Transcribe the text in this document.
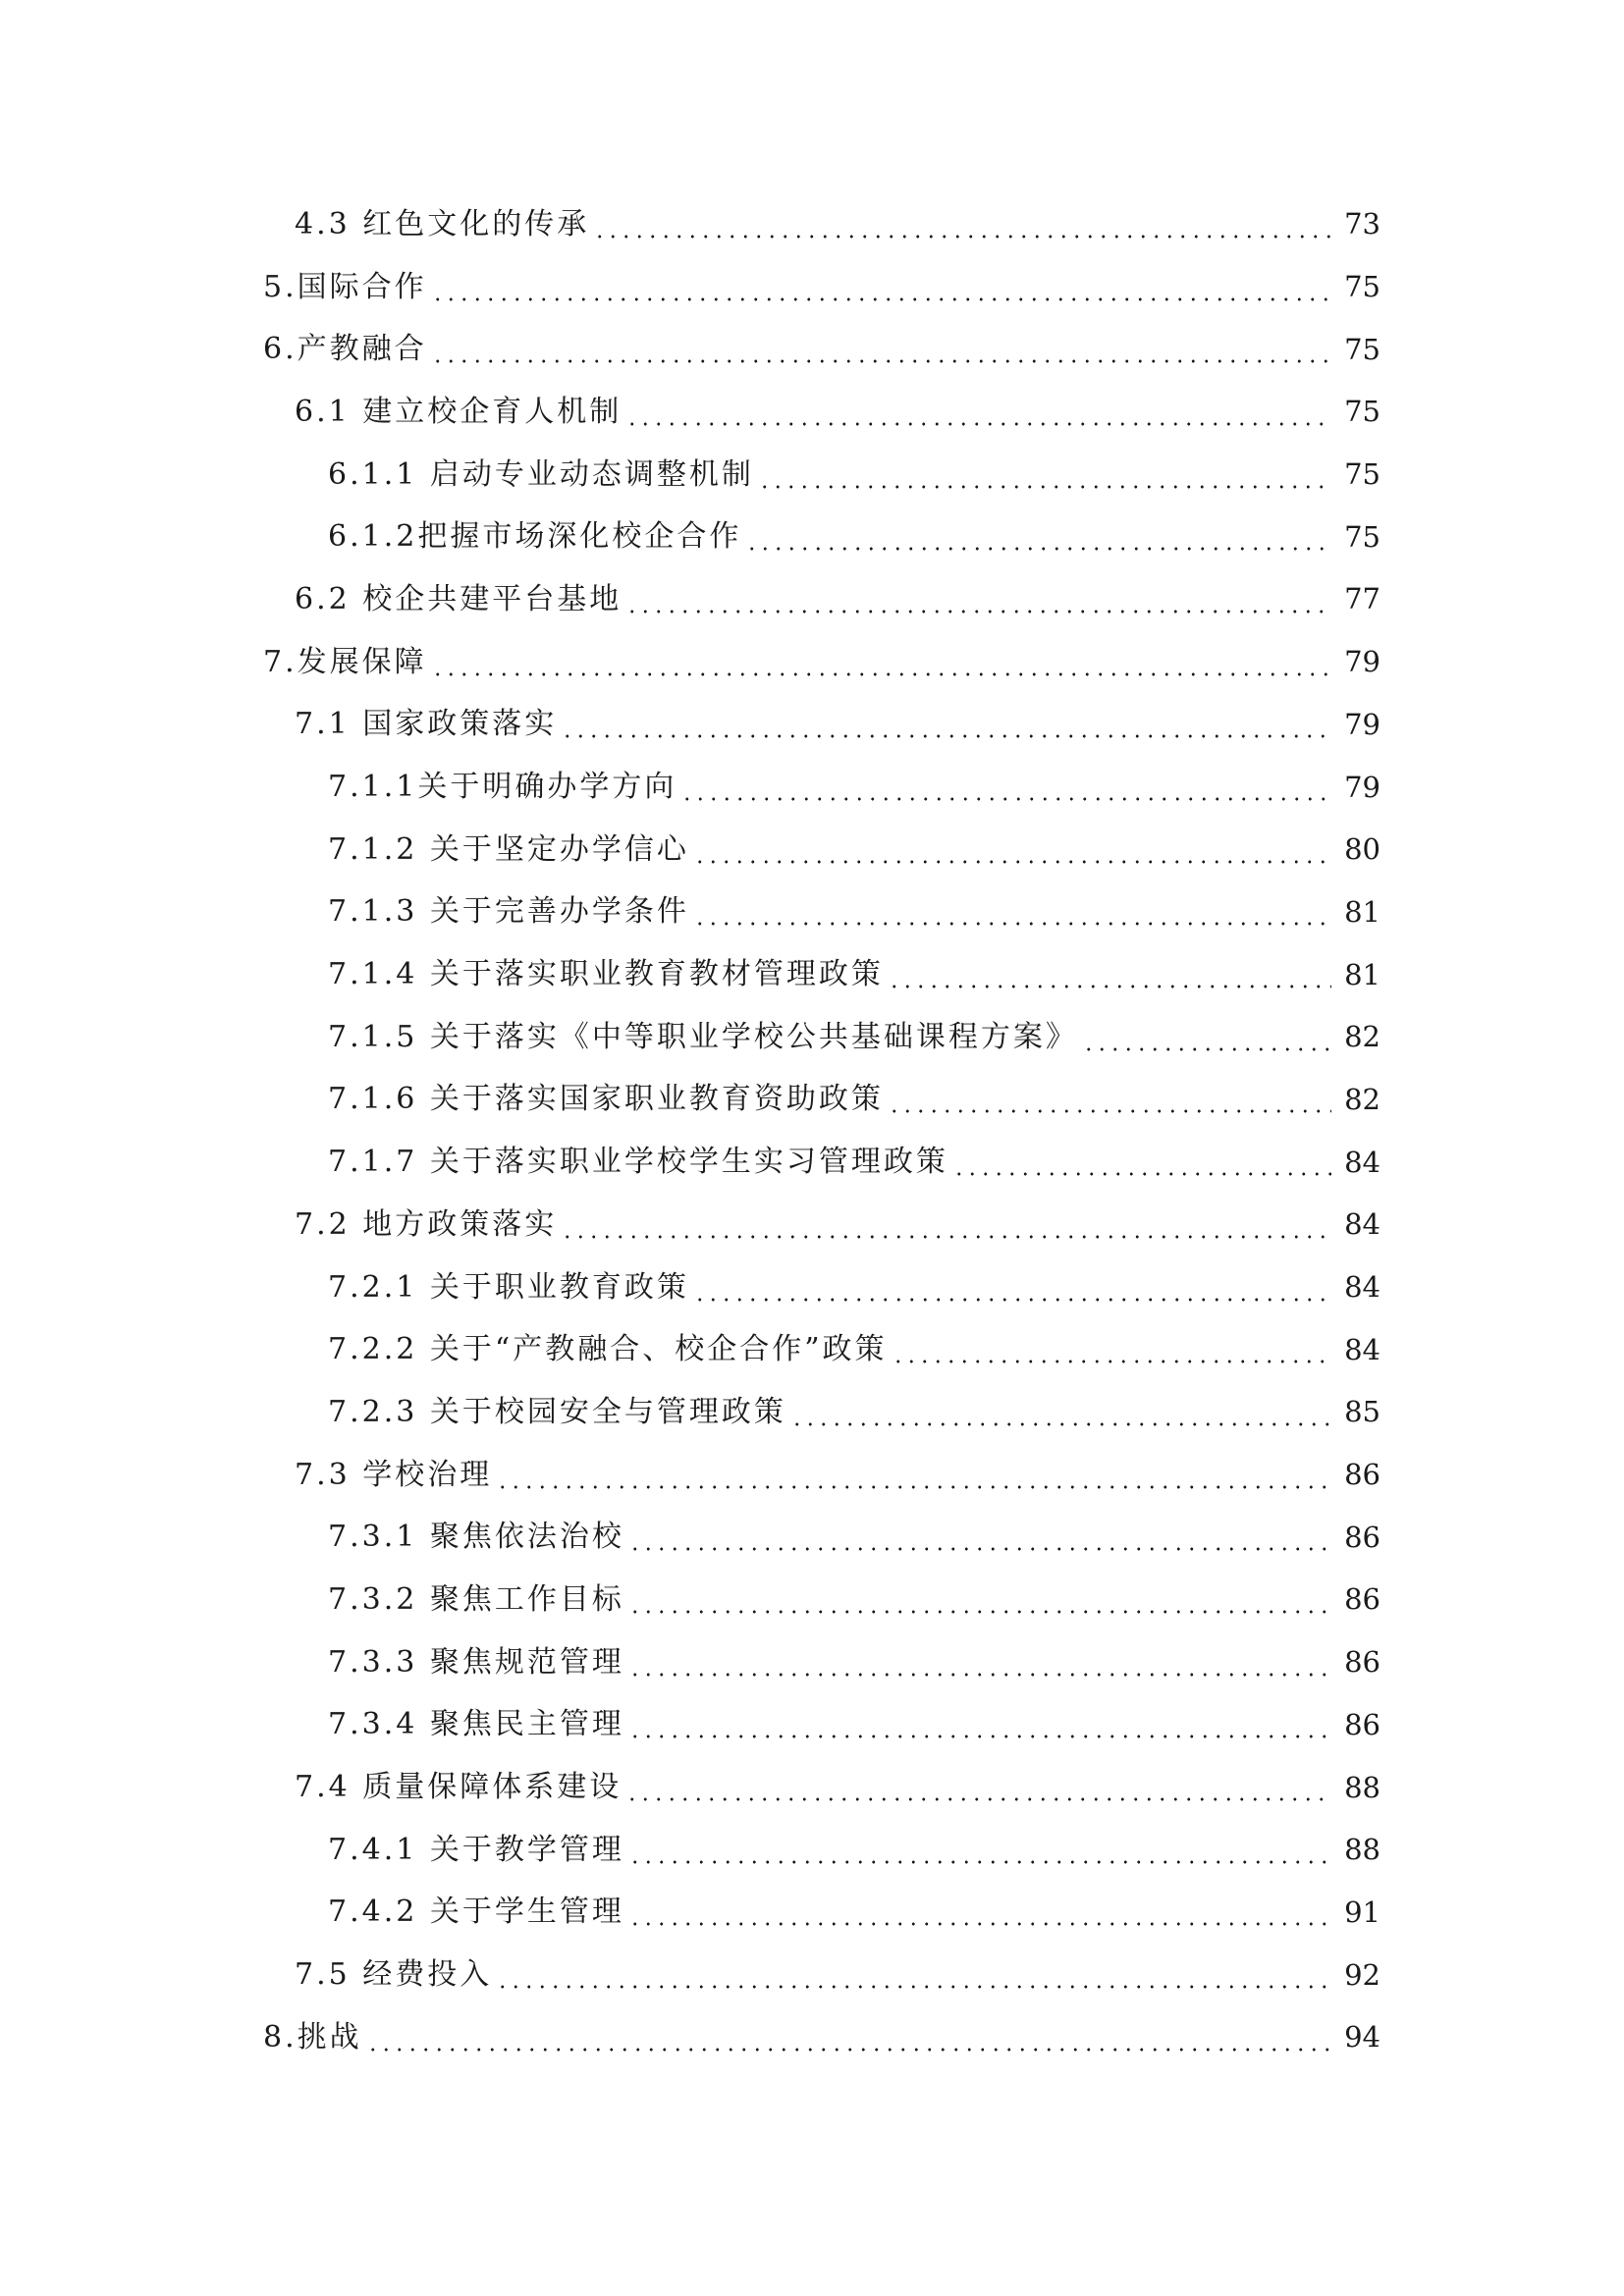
4.3 红色文化的传承	73
5.国际合作	75
6.产教融合	75
6.1 建立校企育人机制	75
6.1.1 启动专业动态调整机制	75
6.1.2把握市场深化校企合作	75
6.2 校企共建平台基地	77
7.发展保障	79
7.1 国家政策落实	79
7.1.1关于明确办学方向	79
7.1.2 关于坚定办学信心	80
7.1.3 关于完善办学条件	81
7.1.4 关于落实职业教育教材管理政策	81
7.1.5 关于落实《中等职业学校公共基础课程方案》	82
7.1.6 关于落实国家职业教育资助政策	82
7.1.7 关于落实职业学校学生实习管理政策	84
7.2 地方政策落实	84
7.2.1 关于职业教育政策	84
7.2.2 关于“产教融合、校企合作”政策	84
7.2.3 关于校园安全与管理政策	85
7.3 学校治理	86
7.3.1 聚焦依法治校	86
7.3.2 聚焦工作目标	86
7.3.3 聚焦规范管理	86
7.3.4 聚焦民主管理	86
7.4 质量保障体系建设	88
7.4.1 关于教学管理	88
7.4.2 关于学生管理	91
7.5 经费投入	92
8.挑战	94
